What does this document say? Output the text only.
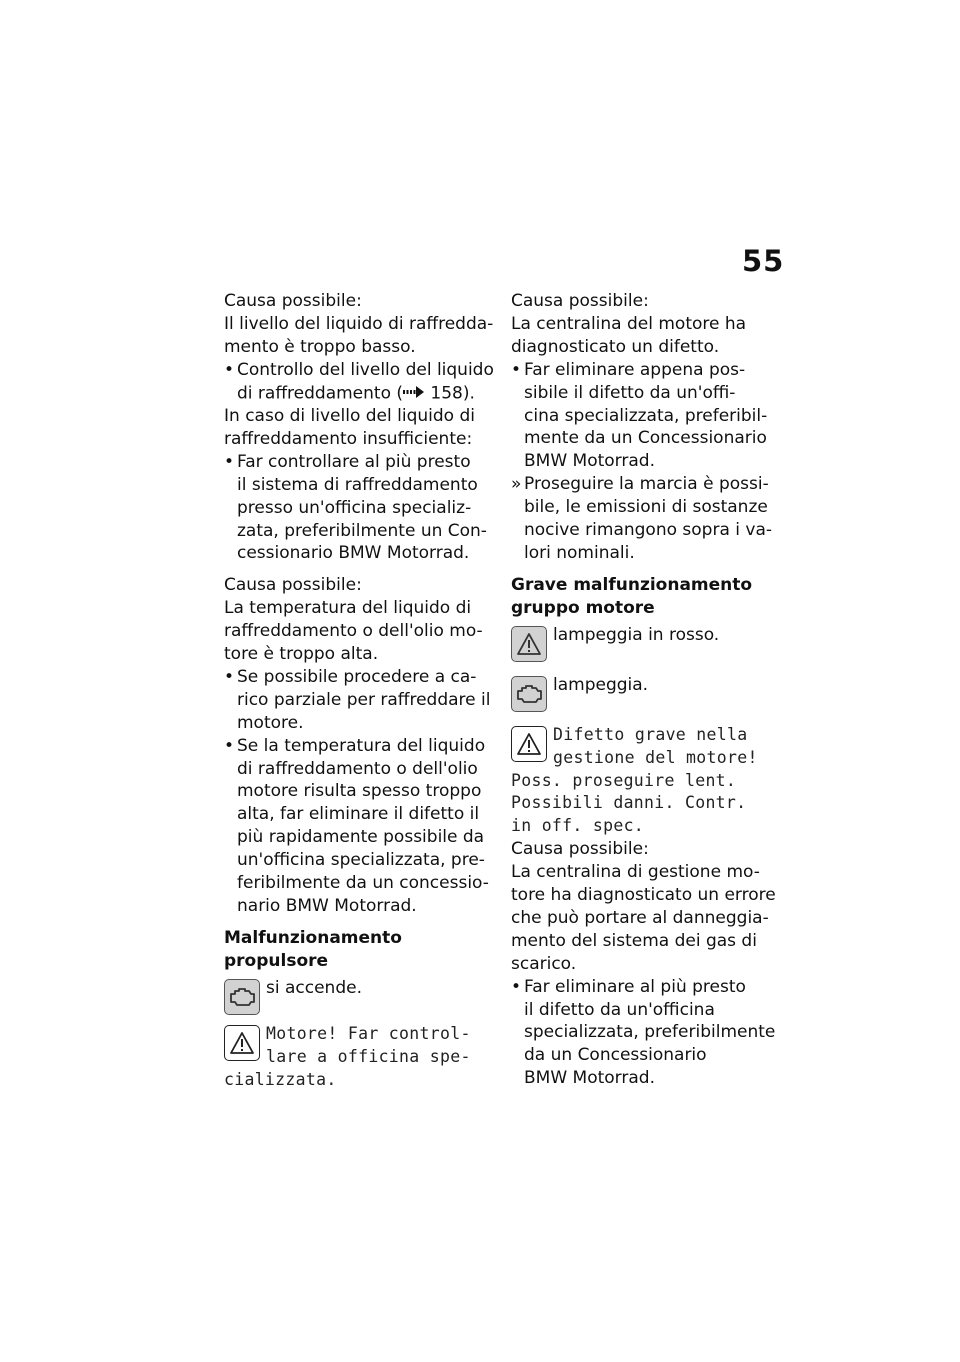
55

Causa possibile:

Il livello del liquido di raffredda-
mento è troppo basso.

• Controllo del livello del liquido
di raffreddamento ( 158).

In caso di livello del liquido di
raffreddamento insufficiente:

• Far controllare al più presto
il sistema di raffreddamento
presso un'officina specializ-
zata, preferibilmente un Con-
cessionario BMW Motorrad.

Causa possibile:

La temperatura del liquido di
raffreddamento o dell'olio mo-
tore è troppo alta.

• Se possibile procedere a ca-
rico parziale per raffreddare il
motore.
• Se la temperatura del liquido
di raffreddamento o dell'olio
motore risulta spesso troppo
alta, far eliminare il difetto il
più rapidamente possibile da
un'officina specializzata, pre-
feribilmente da un concessio-
nario BMW Motorrad.
Malfunzionamento propulsore
si accende.
Motore! Far control-
lare a officina spe-
cializzata.

Causa possibile:

La centralina del motore ha
diagnosticato un difetto.

• Far eliminare appena pos-
sibile il difetto da un'offi-
cina specializzata, preferibil-
mente da un Concessionario
BMW Motorrad.
» Proseguire la marcia è possi-
bile, le emissioni di sostanze
nocive rimangono sopra i va-
lori nominali.
Grave malfunzionamento
gruppo motore
lampeggia in rosso.
lampeggia.
Difetto grave nella
gestione del motore!
Poss. proseguire lent.
Possibili danni. Contr.
in off. spec.

Causa possibile:

La centralina di gestione mo-
tore ha diagnosticato un errore
che può portare al danneggia-
mento del sistema dei gas di
scarico.

• Far eliminare al più presto
il difetto da un'officina
specializzata, preferibilmente
da un Concessionario
BMW Motorrad.
